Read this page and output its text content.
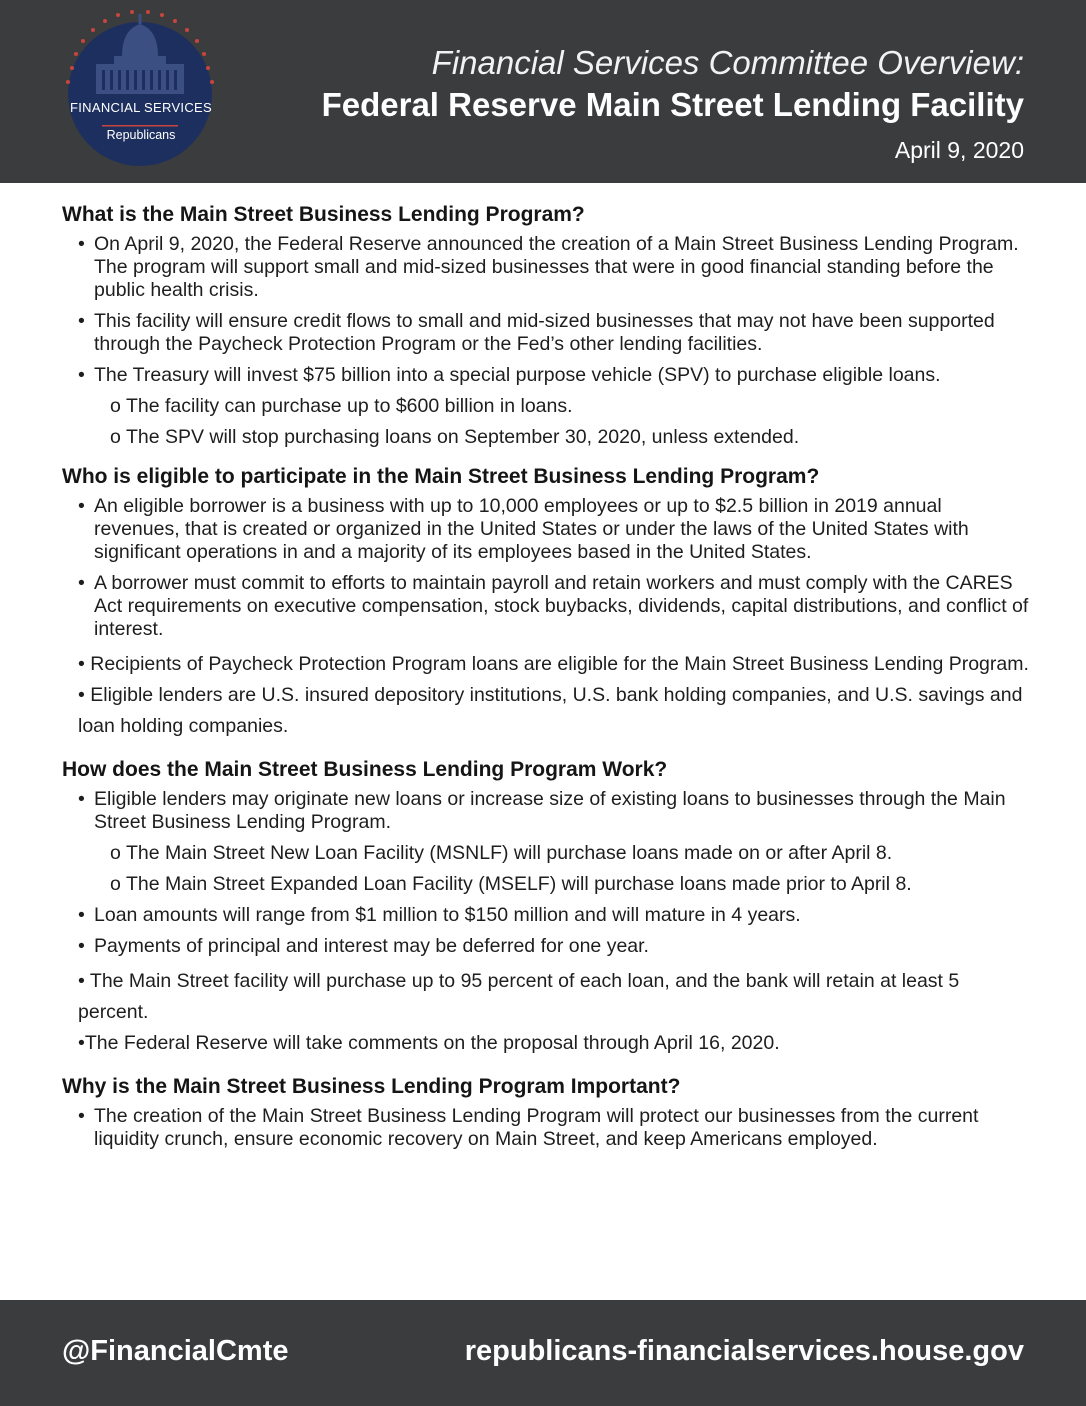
FINANCIAL SERVICES
Republicans
Financial Services Committee Overview:
Federal Reserve Main Street Lending Facility
April 9, 2020
What is the Main Street Business Lending Program?
• On April 9, 2020, the Federal Reserve announced the creation of a Main Street Business Lending Program. The program will support small and mid-sized businesses that were in good financial standing before the public health crisis.
• This facility will ensure credit flows to small and mid-sized businesses that may not have been supported through the Paycheck Protection Program or the Fed’s other lending facilities.
• The Treasury will invest $75 billion into a special purpose vehicle (SPV) to purchase eligible loans.
o The facility can purchase up to $600 billion in loans.
o The SPV will stop purchasing loans on September 30, 2020, unless extended.
Who is eligible to participate in the Main Street Business Lending Program?
• An eligible borrower is a business with up to 10,000 employees or up to $2.5 billion in 2019 annual revenues, that is created or organized in the United States or under the laws of the United States with significant operations in and a majority of its employees based in the United States.
• A borrower must commit to efforts to maintain payroll and retain workers and must comply with the CARES Act requirements on executive compensation, stock buybacks, dividends, capital distributions, and conflict of interest.
• Recipients of Paycheck Protection Program loans are eligible for the Main Street Business Lending Program.
• Eligible lenders are U.S. insured depository institutions, U.S. bank holding companies, and U.S. savings and loan holding companies.
How does the Main Street Business Lending Program Work?
• Eligible lenders may originate new loans or increase size of existing loans to businesses through the Main Street Business Lending Program.
o The Main Street New Loan Facility (MSNLF) will purchase loans made on or after April 8.
o The Main Street Expanded Loan Facility (MSELF) will purchase loans made prior to April 8.
• Loan amounts will range from $1 million to $150 million and will mature in 4 years.
• Payments of principal and interest may be deferred for one year.
• The Main Street facility will purchase up to 95 percent of each loan, and the bank will retain at least 5 percent.
•The Federal Reserve will take comments on the proposal through April 16, 2020.
Why is the Main Street Business Lending Program Important?
• The creation of the Main Street Business Lending Program will protect our businesses from the current liquidity crunch, ensure economic recovery on Main Street, and keep Americans employed.
@FinancialCmte	republicans-financialservices.house.gov
